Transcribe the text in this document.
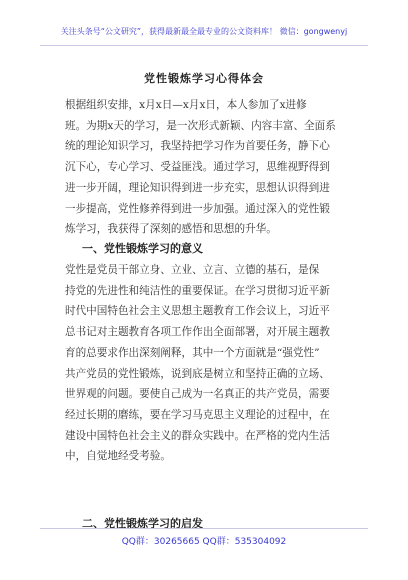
关注头条号“公文研究”，获得最新最全最专业的公文资料库！ 微信：gongwenyj
党性锻炼学习心得体会
根据组织安排，x月x日—x月x日，本人参加了x进修
班。为期x天的学习，是一次形式新颖、内容丰富、全面系
统的理论知识学习，我坚持把学习作为首要任务，静下心
沉下心，专心学习、受益匪浅。通过学习，思维视野得到
进一步开阔，理论知识得到进一步充实，思想认识得到进
一步提高，党性修养得到进一步加强。通过深入的党性锻
炼学习，我获得了深刻的感悟和思想的升华。
一、党性锻炼学习的意义
党性是党员干部立身、立业、立言、立德的基石，是保
持党的先进性和纯洁性的重要保证。在学习贯彻习近平新
时代中国特色社会主义思想主题教育工作会议上，习近平
总书记对主题教育各项工作作出全面部署，对开展主题教
育的总要求作出深刻阐释，其中一个方面就是“强党性”
共产党员的党性锻炼，说到底是树立和坚持正确的立场、
世界观的问题。要使自己成为一名真正的共产党员，需要
经过长期的磨练，要在学习马克思主义理论的过程中，在
建设中国特色社会主义的群众实践中。在严格的党内生活
中，自觉地经受考验。
二、党性锻炼学习的启发
QQ群：30265665 QQ群：535304092
